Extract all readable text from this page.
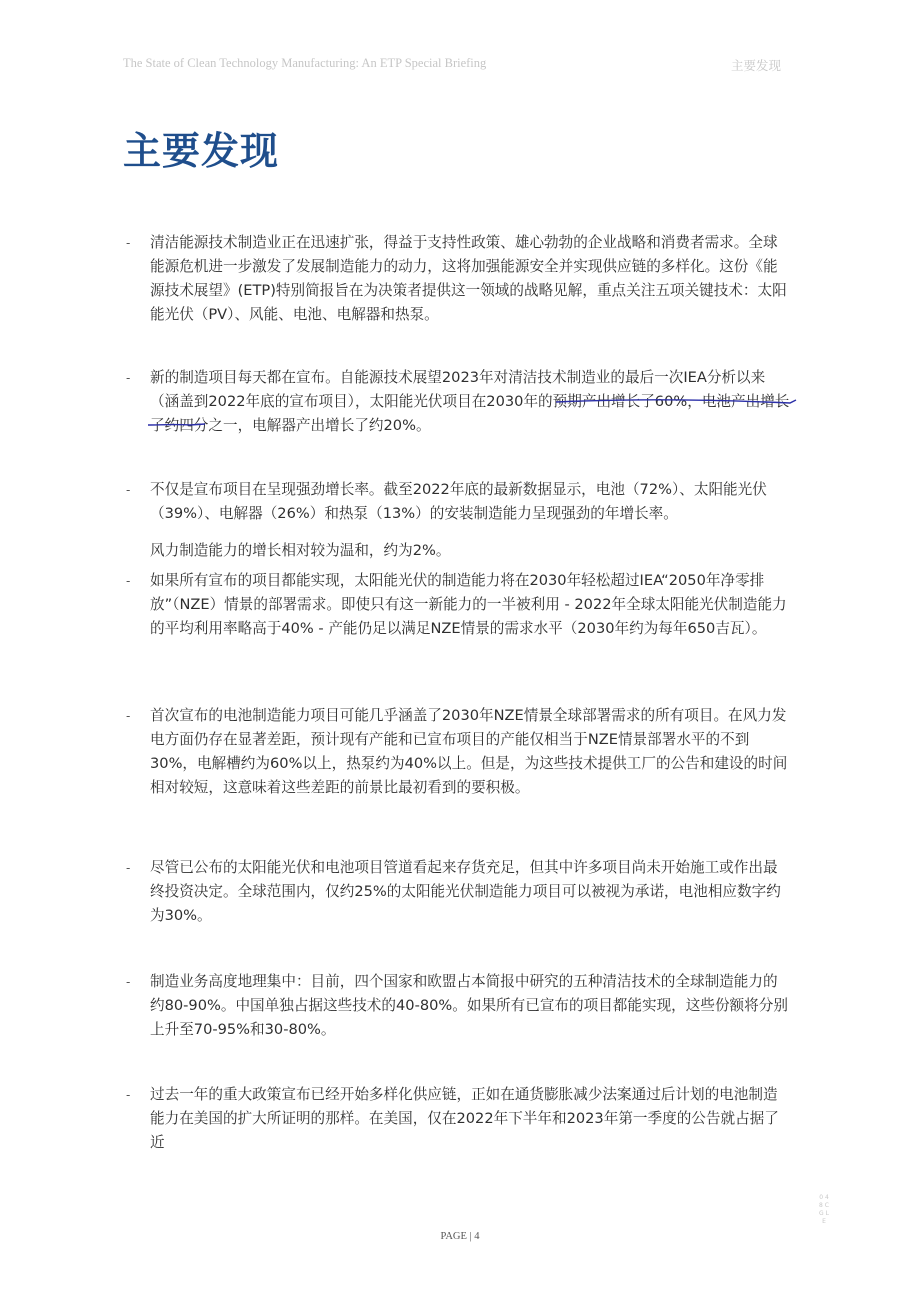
The State of Clean Technology Manufacturing: An ETP Special Briefing	主要发现
主要发现
- 清洁能源技术制造业正在迅速扩张，得益于支持性政策、雄心勃勃的企业战略和消费者需求。全球能源危机进一步激发了发展制造能力的动力，这将加强能源安全并实现供应链的多样化。这份《能源技术展望》(ETP)特别简报旨在为决策者提供这一领域的战略见解，重点关注五项关键技术：太阳能光伏（PV）、风能、电池、电解器和热泵。
- 新的制造项目每天都在宣布。自能源技术展望2023年对清洁技术制造业的最后一次IEA分析以来（涵盖到2022年底的宣布项目），太阳能光伏项目在2030年的预期产出增长了60%，电池产出增长了约四分之一，电解器产出增长了约20%。
- 不仅是宣布项目在呈现强劲增长率。截至2022年底的最新数据显示，电池（72%）、太阳能光伏（39%）、电解器（26%）和热泵（13%）的安装制造能力呈现强劲的年增长率。
风力制造能力的增长相对较为温和，约为2%。
- 如果所有宣布的项目都能实现，太阳能光伏的制造能力将在2030年轻松超过IEA“2050年净零排放”（NZE）情景的部署需求。即使只有这一新能力的一半被利用 - 2022年全球太阳能光伏制造能力的平均利用率略高于40% - 产能仍足以满足NZE情景的需求水平（2030年约为每年650吉瓦）。
- 首次宣布的电池制造能力项目可能几乎涵盖了2030年NZE情景全球部署需求的所有项目。在风力发电方面仍存在显著差距，预计现有产能和已宣布项目的产能仅相当于NZE情景部署水平的不到30%，电解槽约为60%以上，热泵约为40%以上。但是，为这些技术提供工厂的公告和建设的时间相对较短，这意味着这些差距的前景比最初看到的要积极。
- 尽管已公布的太阳能光伏和电池项目管道看起来存货充足，但其中许多项目尚未开始施工或作出最终投资决定。全球范围内，仅约25%的太阳能光伏制造能力项目可以被视为承诺，电池相应数字约为30%。
- 制造业务高度地理集中：目前，四个国家和欧盟占本简报中研究的五种清洁技术的全球制造能力的约80-90%。中国单独占据这些技术的40-80%。如果所有已宣布的项目都能实现，这些份额将分别上升至70-95%和30-80%。
- 过去一年的重大政策宣布已经开始多样化供应链，正如在通货膨胀减少法案通过后计划的电池制造能力在美国的扩大所证明的那样。在美国，仅在2022年下半年和2023年第一季度的公告就占据了近
PAGE | 4
0 4 8 C G LE
